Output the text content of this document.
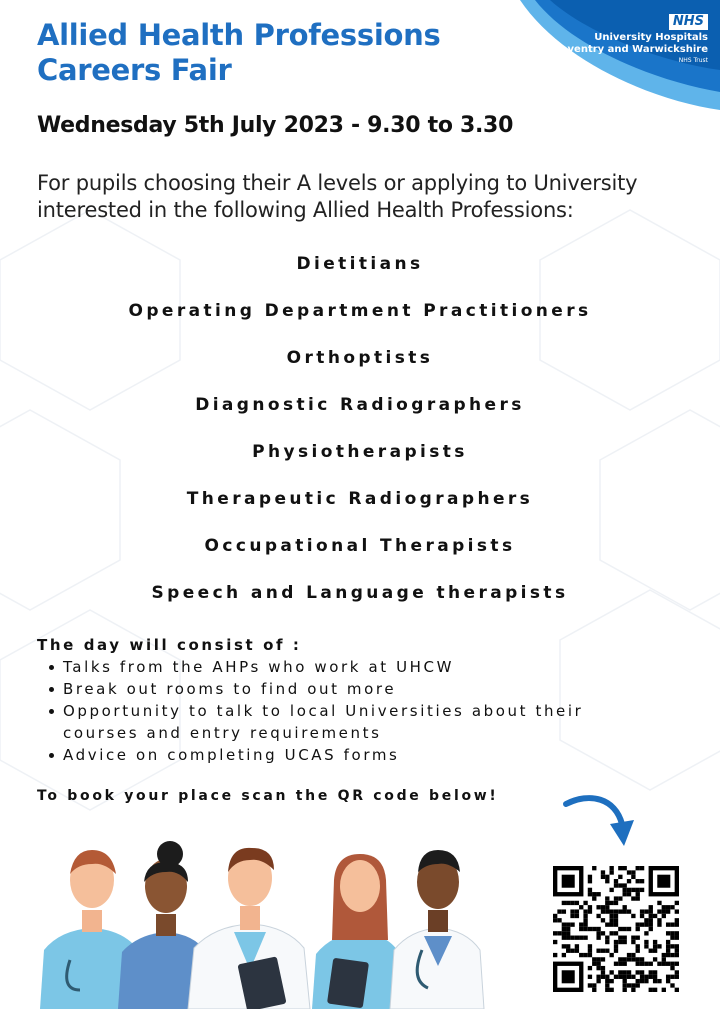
NHS
University Hospitals
Coventry and Warwickshire
NHS Trust
Allied Health Professions
Careers Fair
Wednesday 5th July 2023 - 9.30 to 3.30
For pupils choosing their A levels or applying to University interested in the following Allied Health Professions:
Dietitians
Operating Department Practitioners
Orthoptists
Diagnostic Radiographers
Physiotherapists
Therapeutic Radiographers
Occupational Therapists
Speech and Language therapists
The day will consist of :
Talks from the AHPs who work at UHCW
Break out rooms to find out more
Opportunity to talk to local Universities about their courses and entry requirements
Advice on completing UCAS forms
To book your place scan the QR code below!
